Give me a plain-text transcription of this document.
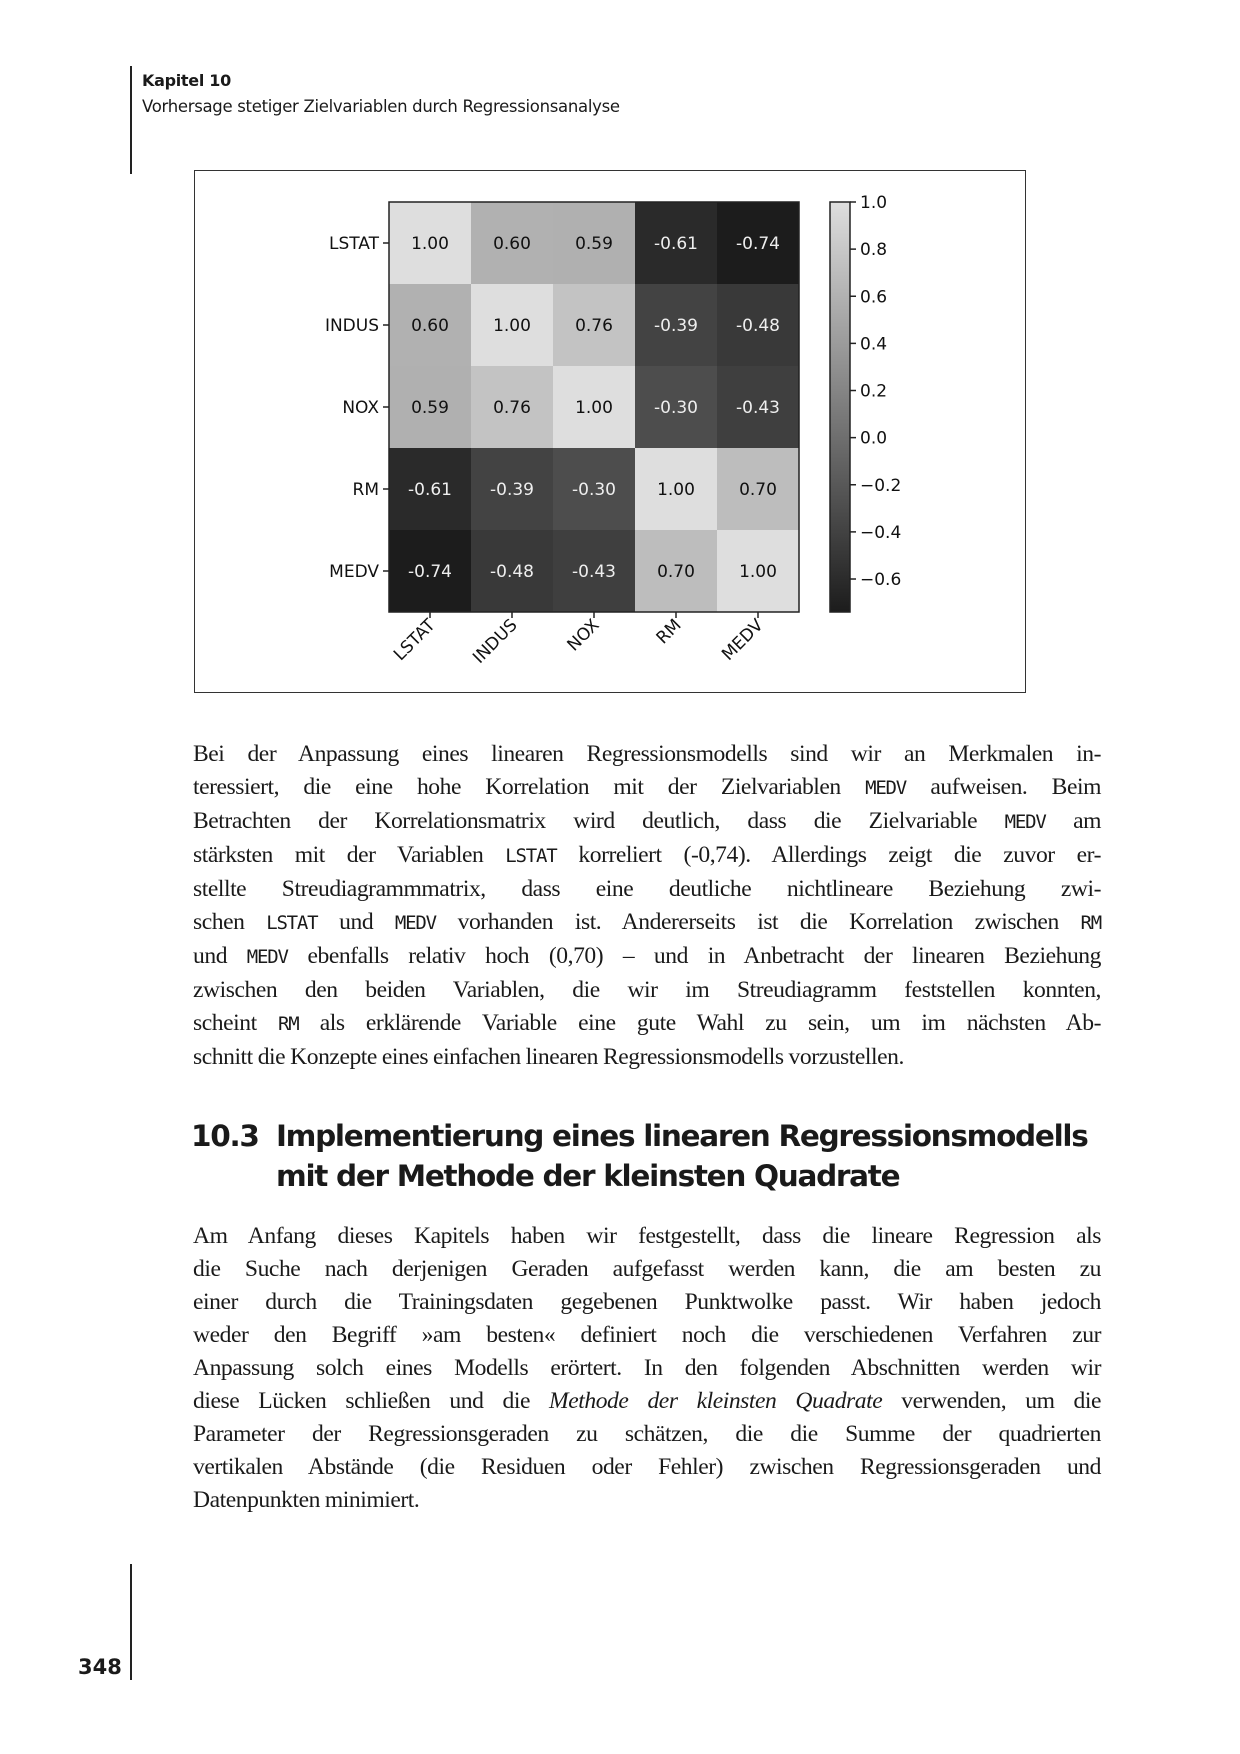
Kapitel 10
Vorhersage stetiger Zielvariablen durch Regressionsanalyse
1.00	0.60	0.59 -0.61 -0.74
0.60	1.00	0.76 -0.39 -0.48
0.59	0.76	1.00 -0.30 -0.43
-0.61 -0.39 -0.30 1.00	0.70
-0.74 -0.48 -0.43 0.70	1.00
LSTAT
INDUS
NOX
RM
MEDV
LSTAT INDUS NOX	RM MEDV
1.0
0.8
0.6
0.4
0.2
0.0
−0.2
−0.4
−0.6
Bei der Anpassung eines linearen Regressionsmodells sind wir an Merkmalen in-
teressiert, die eine hohe Korrelation mit der Zielvariablen MEDV aufweisen. Beim
Betrachten der Korrelationsmatrix wird deutlich, dass die Zielvariable MEDV am
stärksten mit der Variablen LSTAT korreliert (-0,74). Allerdings zeigt die zuvor er-
stellte Streudiagrammmatrix, dass eine deutliche nichtlineare Beziehung zwi-
schen LSTAT und MEDV vorhanden ist. Andererseits ist die Korrelation zwischen RM
und MEDV ebenfalls relativ hoch (0,70) – und in Anbetracht der linearen Beziehung
zwischen den beiden Variablen, die wir im Streudiagramm feststellen konnten,
scheint RM als erklärende Variable eine gute Wahl zu sein, um im nächsten Ab-
schnitt die Konzepte eines einfachen linearen Regressionsmodells vorzustellen.
10.3 Implementierung eines linearen Regressionsmodells
mit der Methode der kleinsten Quadrate
Am Anfang dieses Kapitels haben wir festgestellt, dass die lineare Regression als
die Suche nach derjenigen Geraden aufgefasst werden kann, die am besten zu
einer durch die Trainingsdaten gegebenen Punktwolke passt. Wir haben jedoch
weder den Begriff »am besten« definiert noch die verschiedenen Verfahren zur
Anpassung solch eines Modells erörtert. In den folgenden Abschnitten werden wir
diese Lücken schließen und die Methode der kleinsten Quadrate verwenden, um die
Parameter der Regressionsgeraden zu schätzen, die die Summe der quadrierten
vertikalen Abstände (die Residuen oder Fehler) zwischen Regressionsgeraden und
Datenpunkten minimiert.
348
